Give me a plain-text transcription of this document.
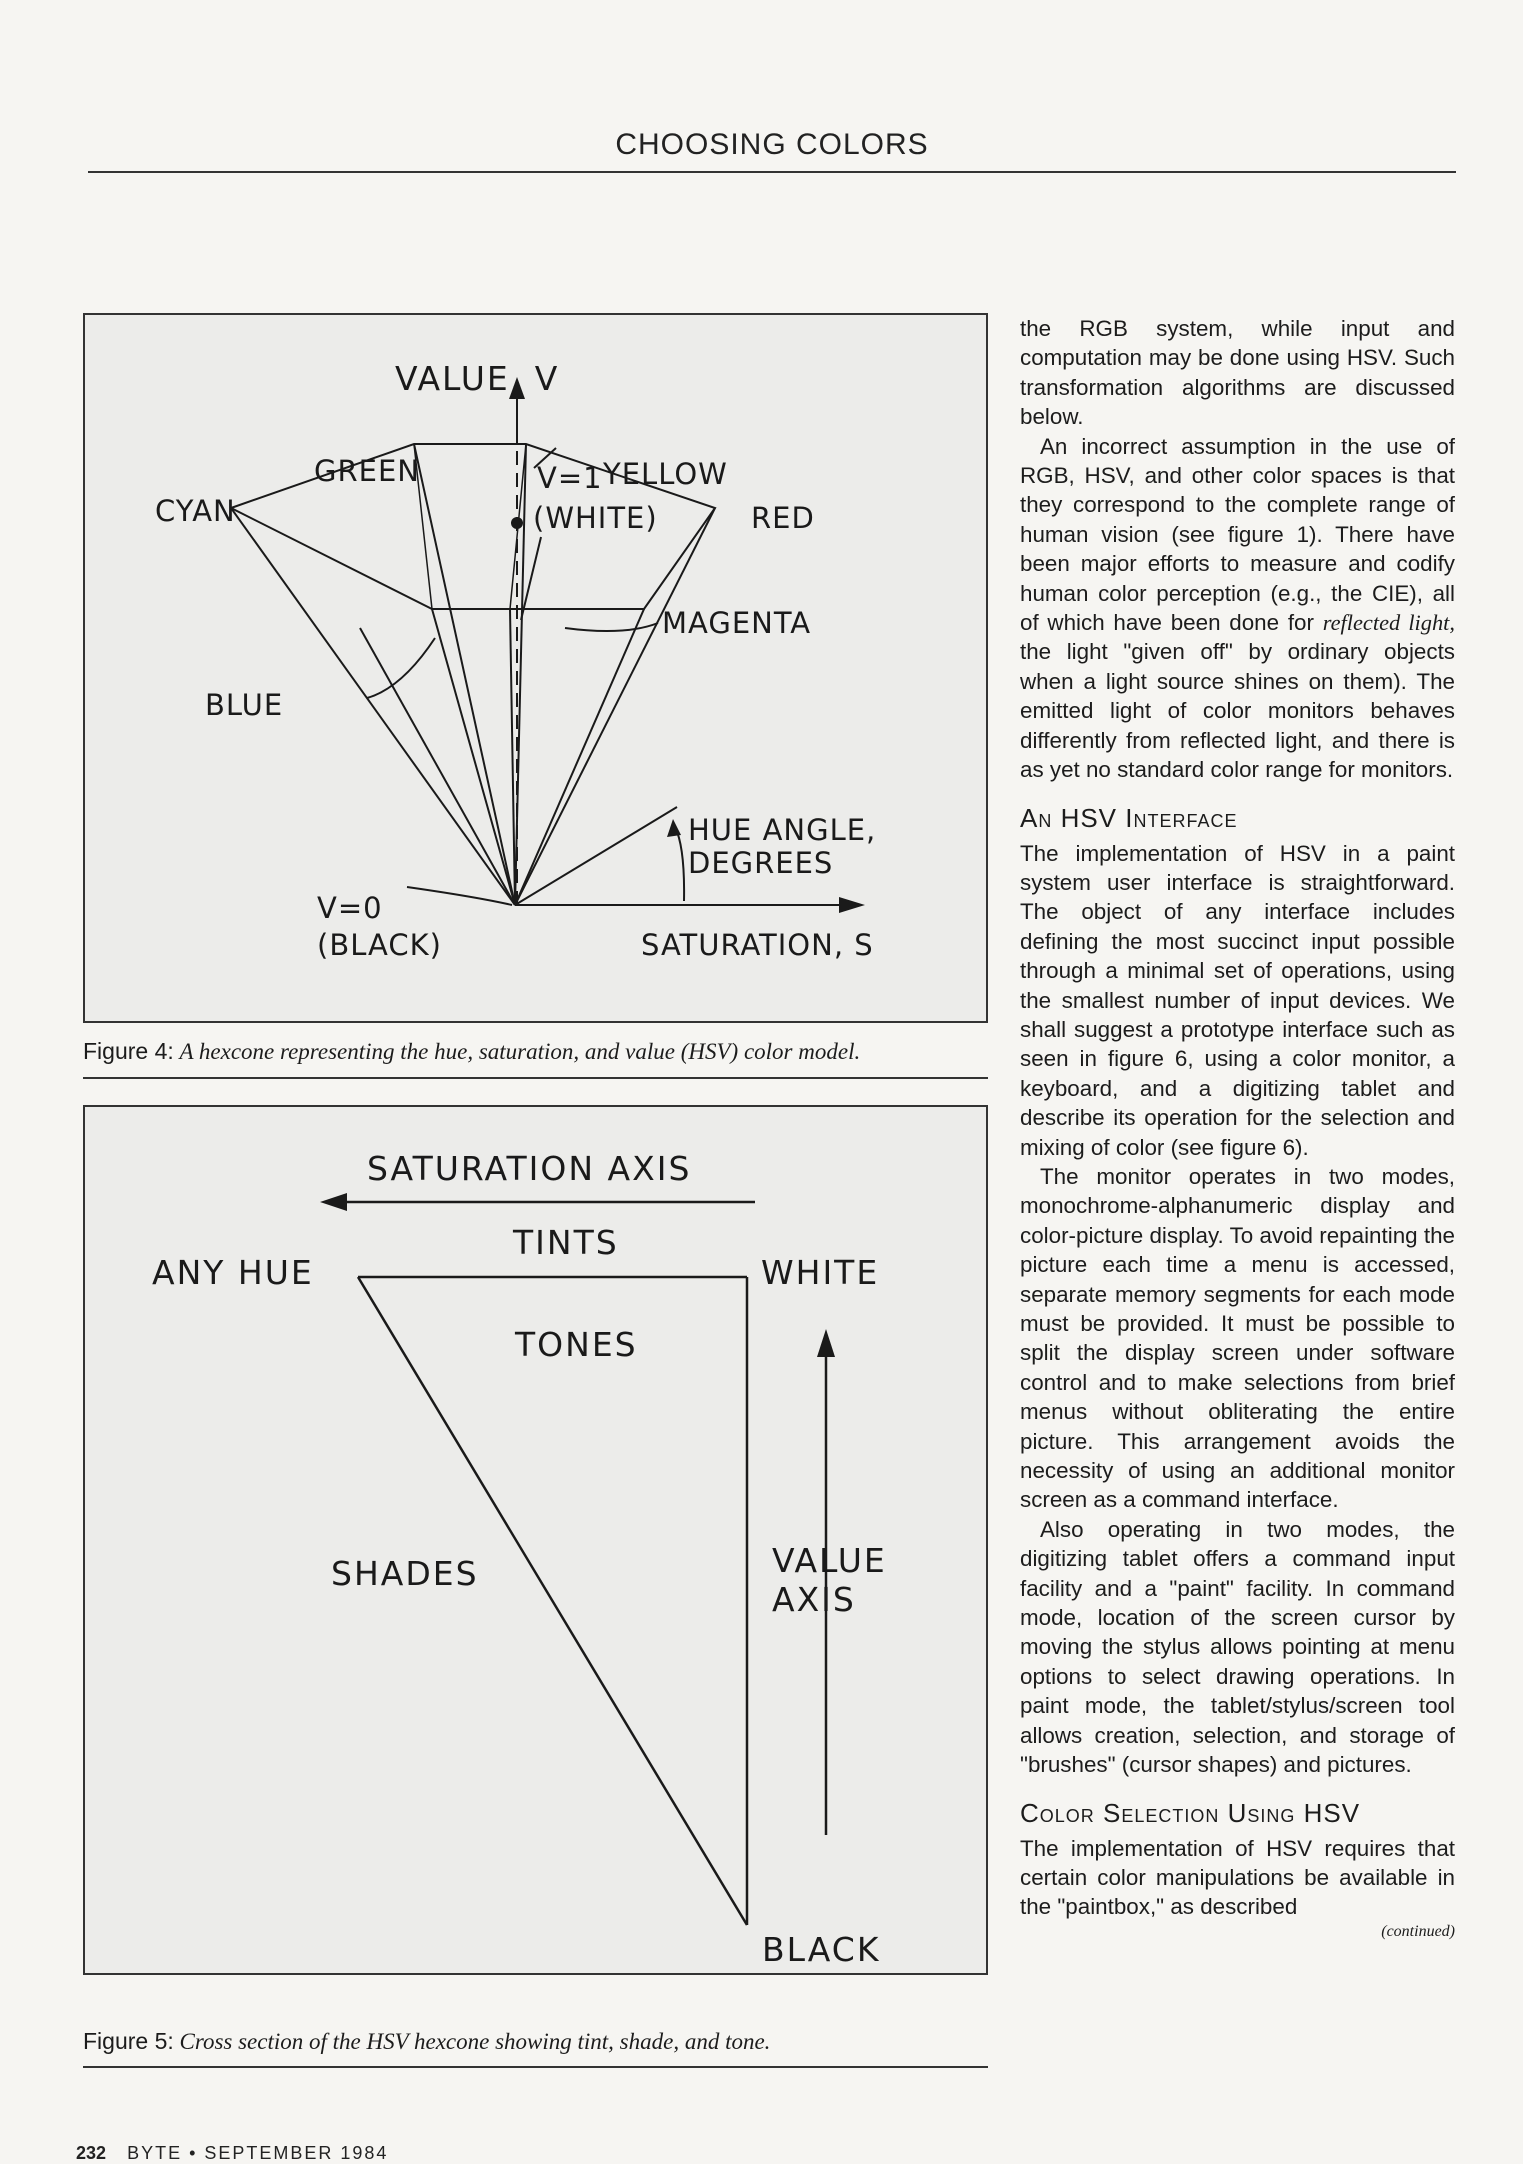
CHOOSING COLORS
VALUE, V
GREEN	YELLOW
CYAN	RED
V=1
(WHITE)
BLUE
MAGENTA
HUE ANGLE,
DEGREES
V=0
(BLACK)	SATURATION, S
Figure 4: A hexcone representing the hue, saturation, and value (HSV) color model.
SATURATION AXIS
TINTS
ANY HUE	WHITE
TONES
SHADES	VALUE
AXIS
BLACK
Figure 5: Cross section of the HSV hexcone showing tint, shade, and tone.

the RGB system, while input and computation may be done using HSV. Such transformation algorithms are discussed below.

An incorrect assumption in the use of RGB, HSV, and other color spaces is that they correspond to the complete range of human vision (see figure 1). There have been major efforts to measure and codify human color perception (e.g., the CIE), all of which have been done for reflected light, the light "given off" by ordinary objects when a light source shines on them). The emitted light of color monitors behaves differently from reflected light, and there is as yet no standard color range for monitors.

An HSV Interface

The implementation of HSV in a paint system user interface is straightforward. The object of any interface includes defining the most succinct input possible through a minimal set of operations, using the smallest number of input devices. We shall suggest a prototype interface such as seen in figure 6, using a color monitor, a keyboard, and a digitizing tablet and describe its operation for the selection and mixing of color (see figure 6).

The monitor operates in two modes, monochrome-alphanumeric display and color-picture display. To avoid repainting the picture each time a menu is accessed, separate memory segments for each mode must be provided. It must be possible to split the display screen under software control and to make selections from brief menus without obliterating the entire picture. This arrangement avoids the necessity of using an additional monitor screen as a command interface.

Also operating in two modes, the digitizing tablet offers a command input facility and a "paint" facility. In command mode, location of the screen cursor by moving the stylus allows pointing at menu options to select drawing operations. In paint mode, the tablet/stylus/screen tool allows creation, selection, and storage of "brushes" (cursor shapes) and pictures.

Color Selection Using HSV

The implementation of HSV requires that certain color manipulations be available in the "paintbox," as described

(continued)
232 BYTE • SEPTEMBER 1984
